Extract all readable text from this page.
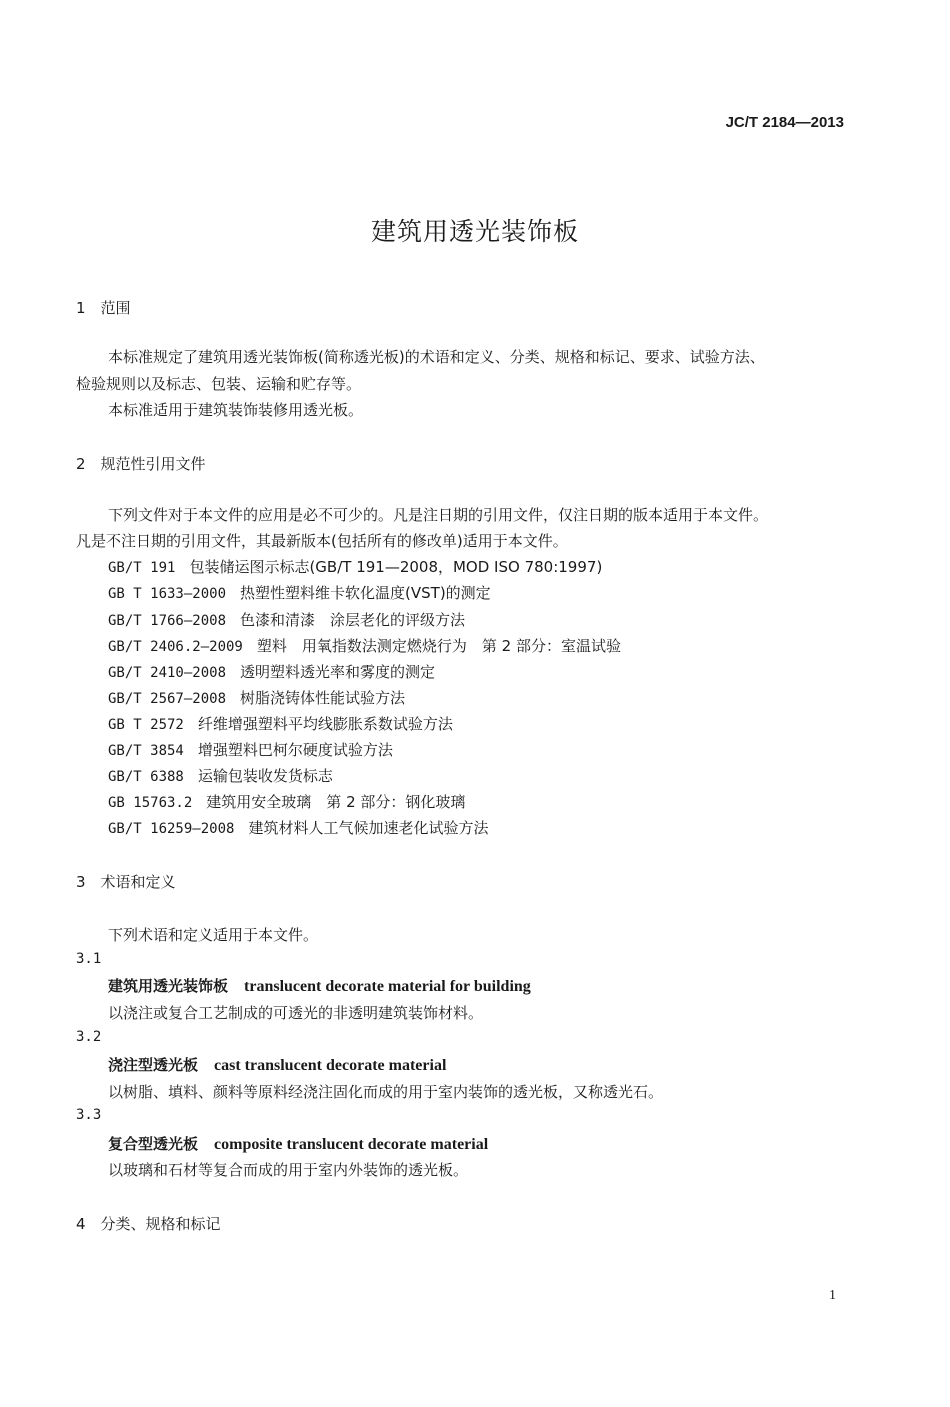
JC/T 2184—2013
建筑用透光装饰板
1　范围
本标准规定了建筑用透光装饰板(简称透光板)的术语和定义、分类、规格和标记、要求、试验方法、
检验规则以及标志、包装、运输和贮存等。
本标准适用于建筑装饰装修用透光板。
2　规范性引用文件
下列文件对于本文件的应用是必不可少的。凡是注日期的引用文件，仅注日期的版本适用于本文件。
凡是不注日期的引用文件，其最新版本(包括所有的修改单)适用于本文件。
GB/T 191 包装储运图示标志(GB/T 191—2008，MOD ISO 780:1997)
GB T 1633—2000 热塑性塑料维卡软化温度(VST)的测定
GB/T 1766—2008 色漆和清漆　涂层老化的评级方法
GB/T 2406.2—2009 塑料　用氧指数法测定燃烧行为　第 2 部分：室温试验
GB/T 2410—2008 透明塑料透光率和雾度的测定
GB/T 2567—2008 树脂浇铸体性能试验方法
GB T 2572 纤维增强塑料平均线膨胀系数试验方法
GB/T 3854 增强塑料巴柯尔硬度试验方法
GB/T 6388 运输包装收发货标志
GB 15763.2 建筑用安全玻璃　第 2 部分：钢化玻璃
GB/T 16259—2008 建筑材料人工气候加速老化试验方法
3　术语和定义
下列术语和定义适用于本文件。
3.1
建筑用透光装饰板 translucent decorate material for building
以浇注或复合工艺制成的可透光的非透明建筑装饰材料。
3.2
浇注型透光板 cast translucent decorate material
以树脂、填料、颜料等原料经浇注固化而成的用于室内装饰的透光板，又称透光石。
3.3
复合型透光板 composite translucent decorate material
以玻璃和石材等复合而成的用于室内外装饰的透光板。
4　分类、规格和标记
1
